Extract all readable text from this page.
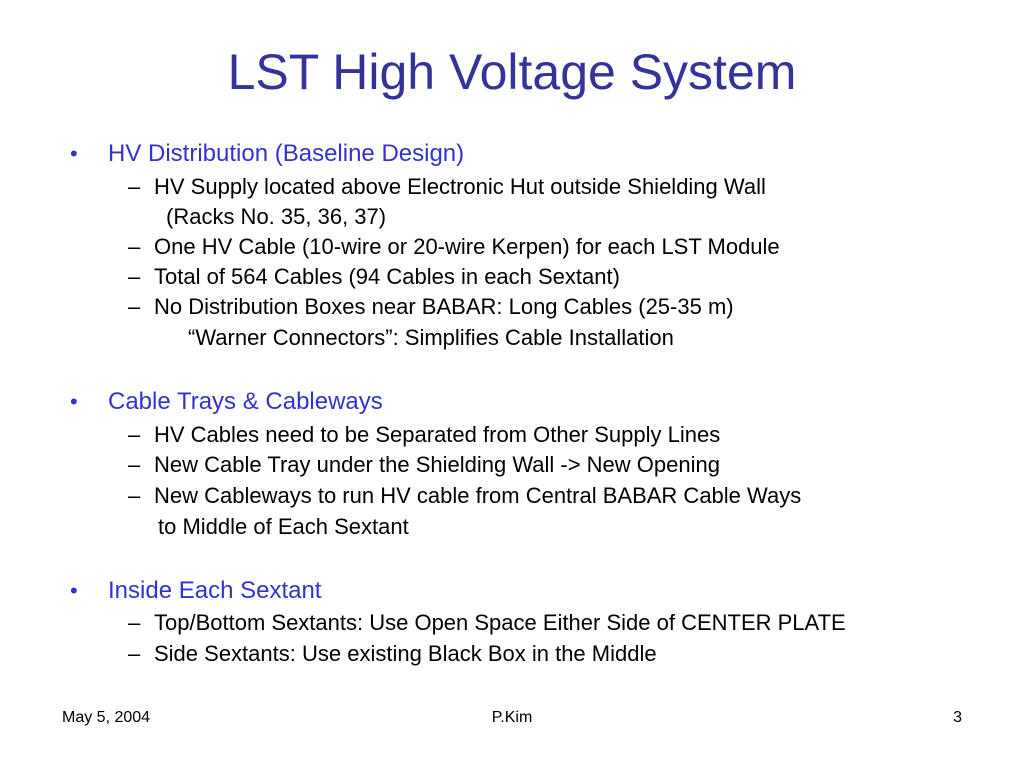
LST High Voltage System
• HV Distribution (Baseline Design)
– HV Supply located above Electronic Hut outside Shielding Wall
(Racks No. 35, 36, 37)
– One HV Cable (10-wire or 20-wire Kerpen) for each LST Module
– Total of 564 Cables (94 Cables in each Sextant)
– No Distribution Boxes near BABAR: Long Cables (25-35 m)
“Warner Connectors”: Simplifies Cable Installation
• Cable Trays & Cableways
– HV Cables need to be Separated from Other Supply Lines
– New Cable Tray under the Shielding Wall -> New Opening
– New Cableways to run HV cable from Central BABAR Cable Ways
to Middle of Each Sextant
• Inside Each Sextant
– Top/Bottom Sextants: Use Open Space Either Side of CENTER PLATE
– Side Sextants: Use existing Black Box in the Middle
May 5, 2004	P.Kim	3
